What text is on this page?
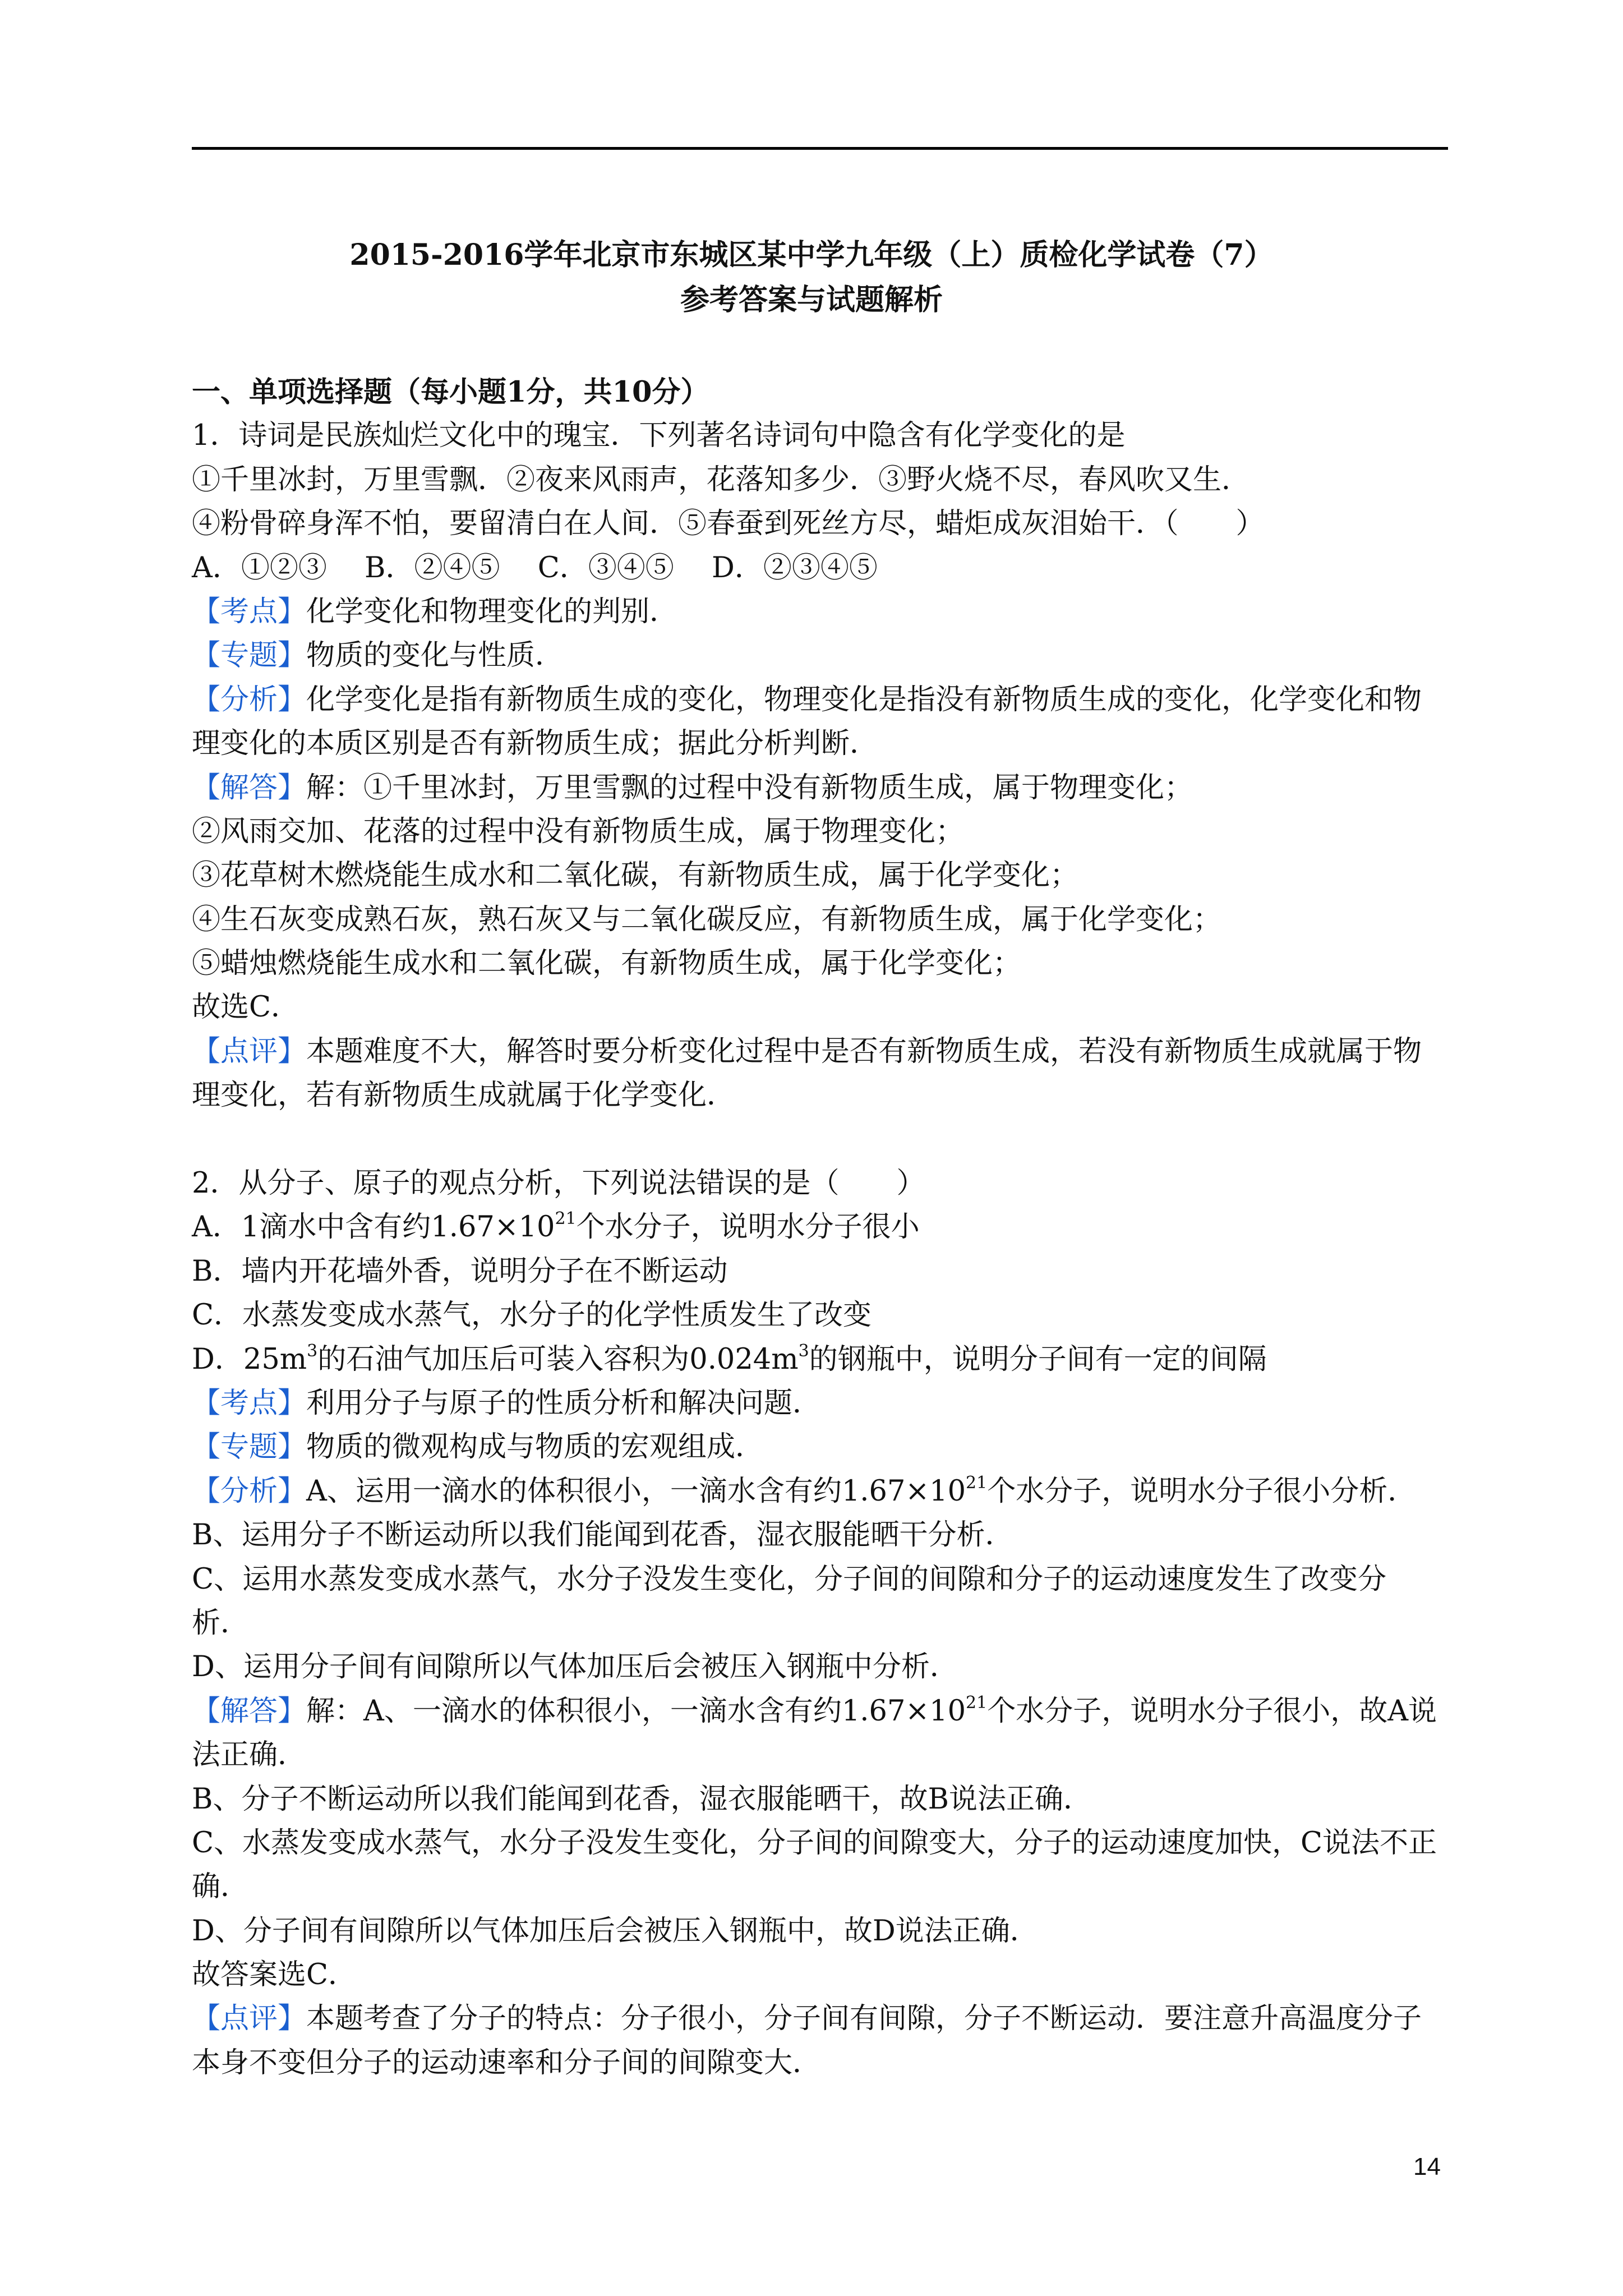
2015-2016学年北京市东城区某中学九年级（上）质检化学试卷（7）
参考答案与试题解析
一、单项选择题（每小题1分，共10分）
1．诗词是民族灿烂文化中的瑰宝．下列著名诗词句中隐含有化学变化的是
①千里冰封，万里雪飘．②夜来风雨声，花落知多少．③野火烧不尽，春风吹又生．
④粉骨碎身浑不怕，要留清白在人间．⑤春蚕到死丝方尽，蜡炬成灰泪始干．（　　）
A．①②③　 B．②④⑤　 C．③④⑤　 D．②③④⑤
【考点】化学变化和物理变化的判别．
【专题】物质的变化与性质．
【分析】化学变化是指有新物质生成的变化，物理变化是指没有新物质生成的变化，化学变化和物
理变化的本质区别是否有新物质生成；据此分析判断．
【解答】解：①千里冰封，万里雪飘的过程中没有新物质生成，属于物理变化；
②风雨交加、花落的过程中没有新物质生成，属于物理变化；
③花草树木燃烧能生成水和二氧化碳，有新物质生成，属于化学变化；
④生石灰变成熟石灰，熟石灰又与二氧化碳反应，有新物质生成，属于化学变化；
⑤蜡烛燃烧能生成水和二氧化碳，有新物质生成，属于化学变化；
故选C．
【点评】本题难度不大，解答时要分析变化过程中是否有新物质生成，若没有新物质生成就属于物
理变化，若有新物质生成就属于化学变化．
2．从分子、原子的观点分析，下列说法错误的是（　　）
A．1滴水中含有约$1.67\times 10^{21}$个水分子，说明水分子很小
B．墙内开花墙外香，说明分子在不断运动
C．水蒸发变成水蒸气，水分子的化学性质发生了改变
D．$25m^3$的石油气加压后可装入容积为$0.024m^3$的钢瓶中，说明分子间有一定的间隔
【考点】利用分子与原子的性质分析和解决问题．
【专题】物质的微观构成与物质的宏观组成．
【分析】A、运用一滴水的体积很小，一滴水含有约$1.67\times 10^{21}$个水分子，说明水分子很小分析．
B、运用分子不断运动所以我们能闻到花香，湿衣服能晒干分析．
C、运用水蒸发变成水蒸气，水分子没发生变化，分子间的间隙和分子的运动速度发生了改变分
析．
D、运用分子间有间隙所以气体加压后会被压入钢瓶中分析．
【解答】解：A、一滴水的体积很小，一滴水含有约$1.67\times 10^{21}$个水分子，说明水分子很小，故A说
法正确．
B、分子不断运动所以我们能闻到花香，湿衣服能晒干，故B说法正确．
C、水蒸发变成水蒸气，水分子没发生变化，分子间的间隙变大，分子的运动速度加快，C说法不正
确．
D、分子间有间隙所以气体加压后会被压入钢瓶中，故D说法正确．
故答案选C．
【点评】本题考查了分子的特点：分子很小，分子间有间隙，分子不断运动．要注意升高温度分子
本身不变但分子的运动速率和分子间的间隙变大．
14
